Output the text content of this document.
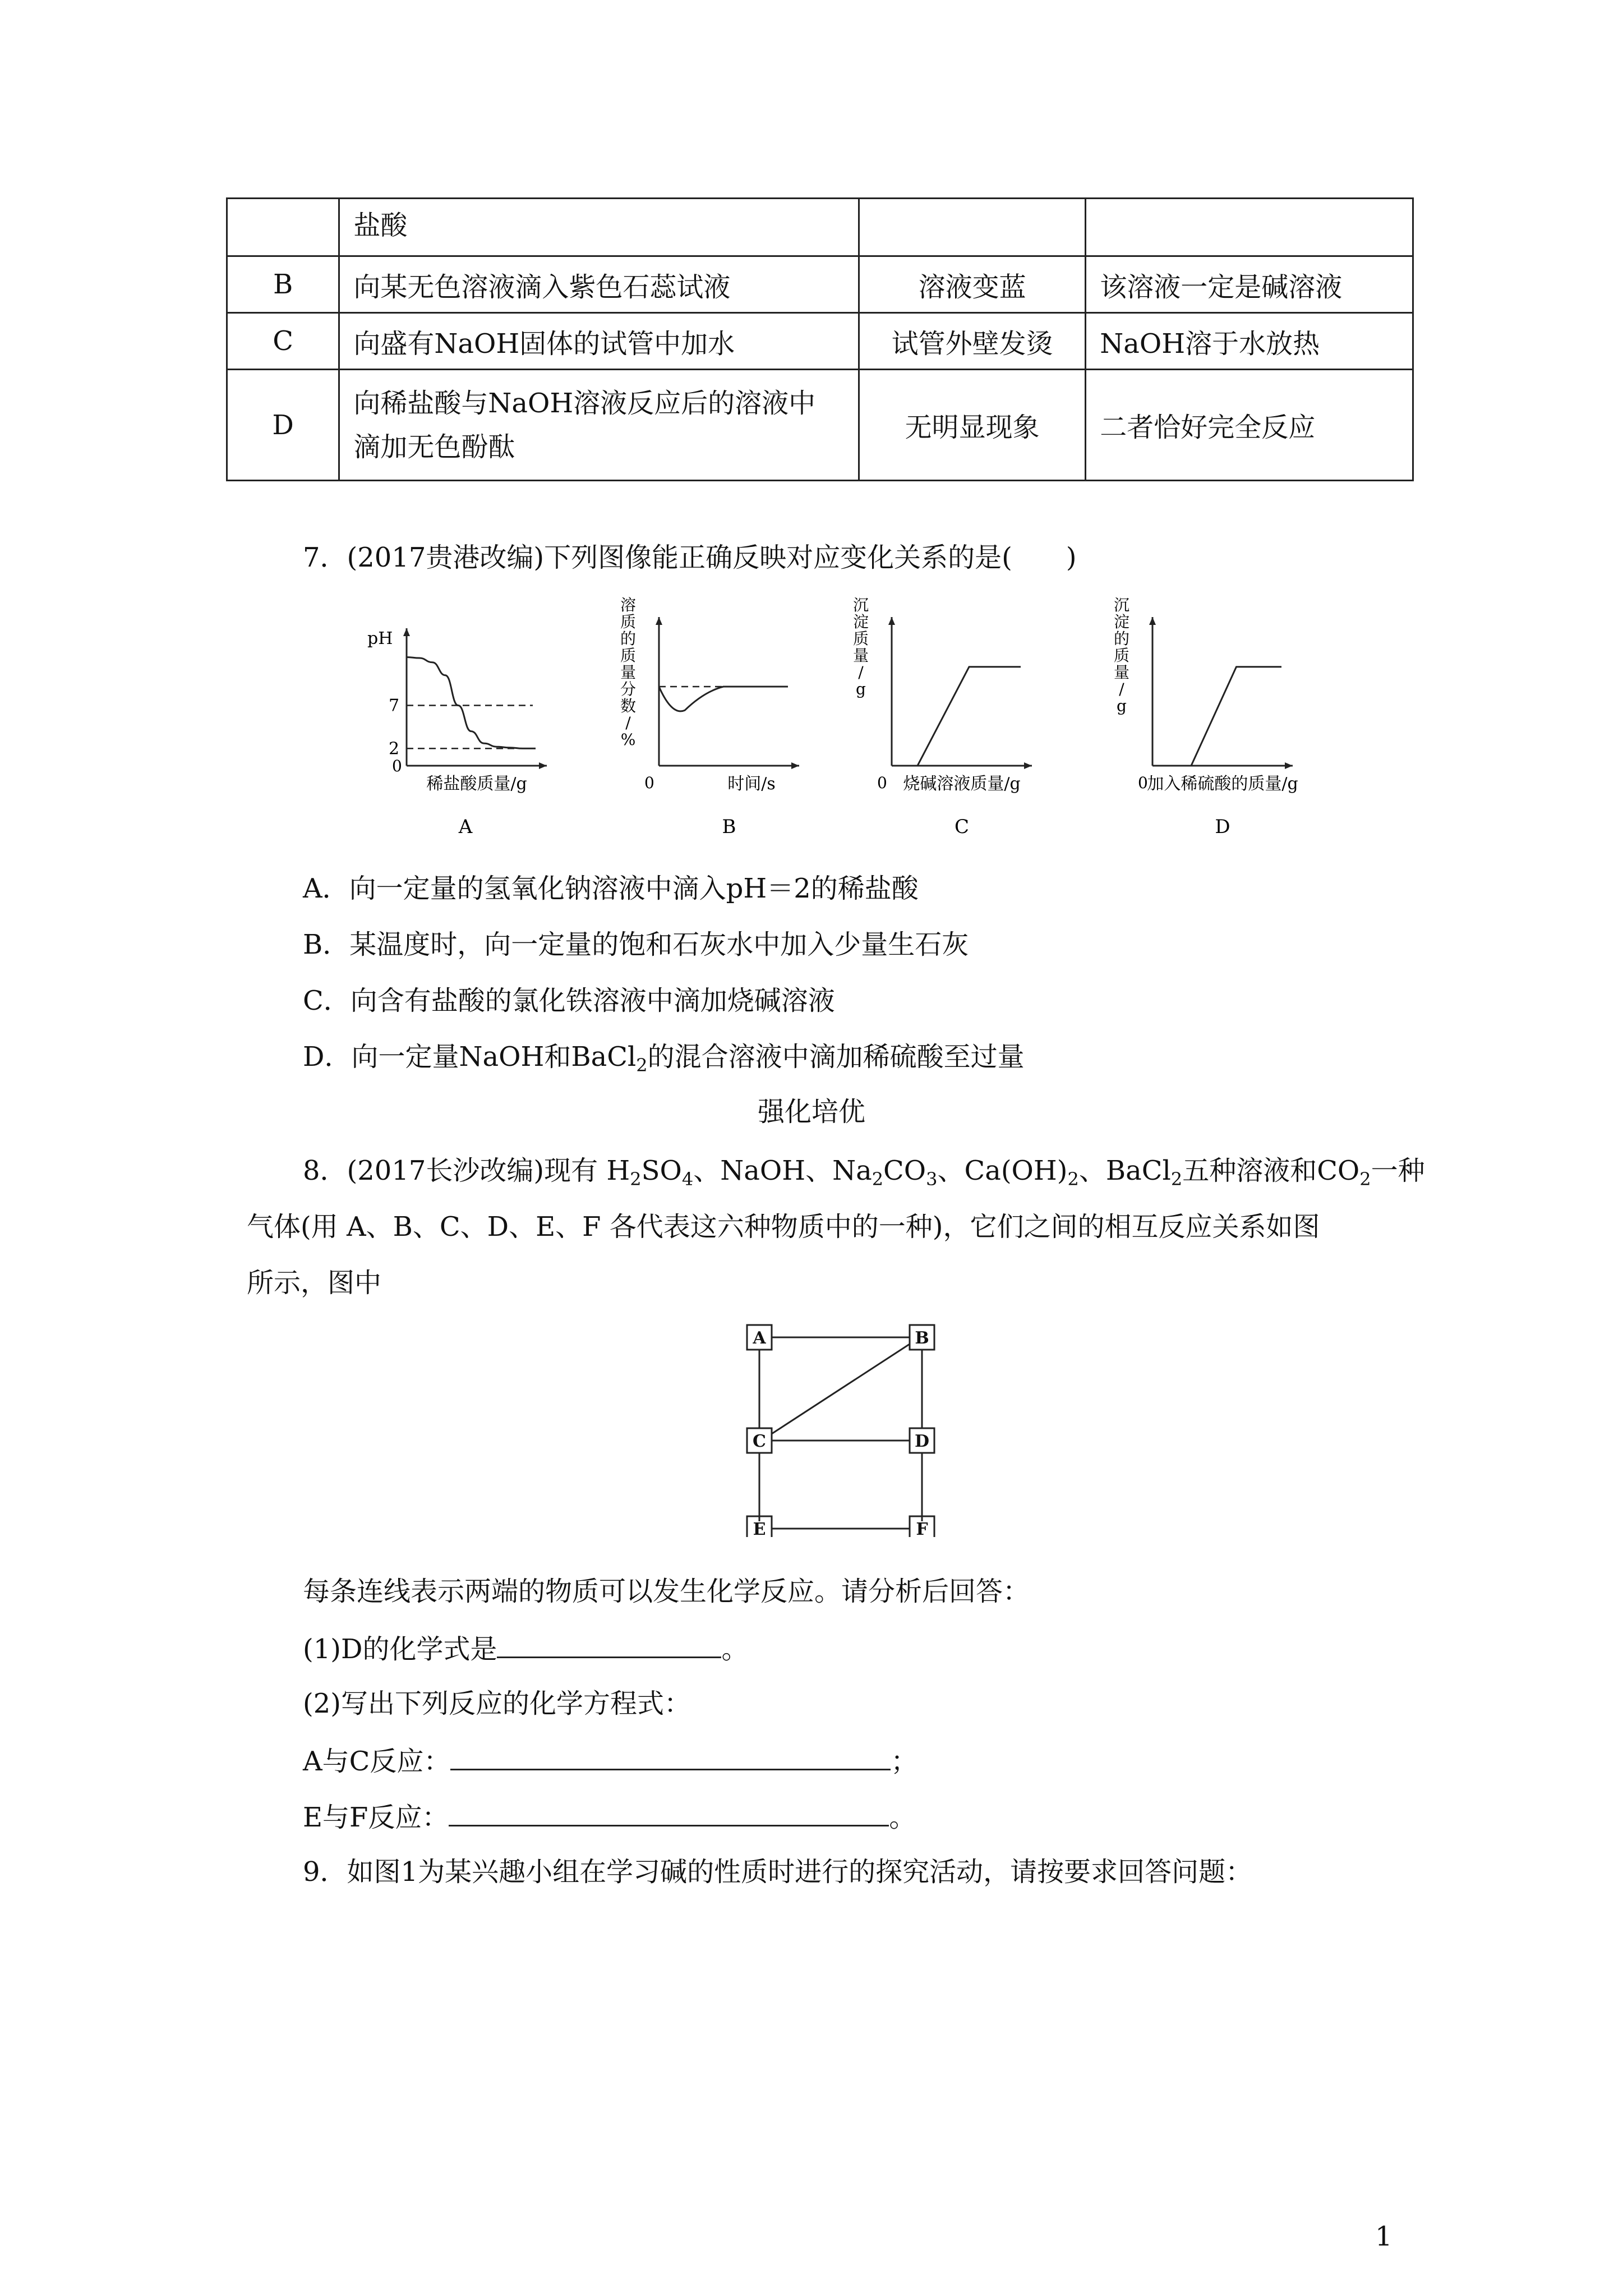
	盐酸		
B	向某无色溶液滴入紫色石蕊试液	溶液变蓝	该溶液一定是碱溶液
C	向盛有NaOH固体的试管中加水	试管外壁发烫	NaOH溶于水放热
D	向稀盐酸与NaOH溶液反应后的溶液中
滴加无色酚酞	无明显现象	二者恰好完全反应
7．(2017贵港改编)下列图像能正确反映对应变化关系的是(　　)
0
稀盐酸质量/g
A
pH
7
2
0	时间/s
B
溶
质
的
质
量
分
数
/
%
0 烧碱溶液质量/g
C
沉
淀
质
量
/
g
0
加入稀硫酸的质量/g
D
沉
淀
的
质
量
/
g
A．向一定量的氢氧化钠溶液中滴入pH＝2的稀盐酸
B．某温度时，向一定量的饱和石灰水中加入少量生石灰
C．向含有盐酸的氯化铁溶液中滴加烧碱溶液
D．向一定量NaOH和BaCl$_2$的混合溶液中滴加稀硫酸至过量
强化培优
8．(2017长沙改编)现有 $H_2SO_4$、NaOH、$Na_2CO_3$、$Ca(OH)_2$、BaCl$_2$五种溶液和$CO_2$一种
气体(用 A、B、C、D、E、F 各代表这六种物质中的一种)，它们之间的相互反应关系如图
所示，图中
A	B
C	D
E	F
每条连线表示两端的物质可以发生化学反应。请分析后回答：
(1)D的化学式是	。
(2)写出下列反应的化学方程式：
A与C反应：	；
E与F反应：	。
9．如图1为某兴趣小组在学习碱的性质时进行的探究活动，请按要求回答问题：
1
